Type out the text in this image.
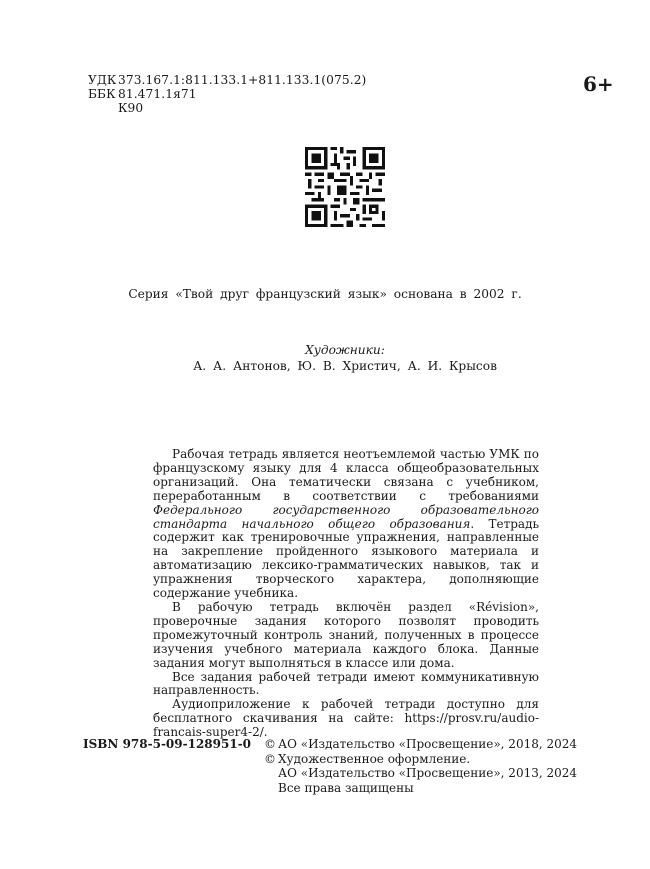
УДК 373.167.1:811.133.1+811.133.1(075.2)
ББК 81.471.1я71
К90
6+
Серия «Твой друг французский язык» основана в 2002 г.
Художники:
А. А. Антонов, Ю. В. Христич, А. И. Крысов

Рабочая тетрадь является неотъемлемой частью УМК по французскому языку для 4 класса общеобразовательных организаций. Она тематически связана с учебником, переработанным в соответствии с требованиями Федерального государственного образовательного стандарта начального общего образования. Тетрадь содержит как тренировочные упражнения, направленные на закрепление пройденного языкового материала и автоматизацию лексико-грамматических навыков, так и упражнения творческого характера, дополняющие содержание учебника.

В рабочую тетрадь включён раздел «Révision», проверочные задания которого позволят проводить промежуточный контроль знаний, полученных в процессе изучения учебного материала каждого блока. Данные задания могут выполняться в классе или дома.

Все задания рабочей тетради имеют коммуникативную направленность.

Аудиоприложение к рабочей тетради доступно для бесплатного скачивания на сайте: https://prosv.ru/audio-francais-super4-2/.

ISBN 978-5-09-128951-0 © АО «Издательство «Просвещение», 2018, 2024
© Художественное оформление.
АО «Издательство «Просвещение», 2013, 2024
Все права защищены
